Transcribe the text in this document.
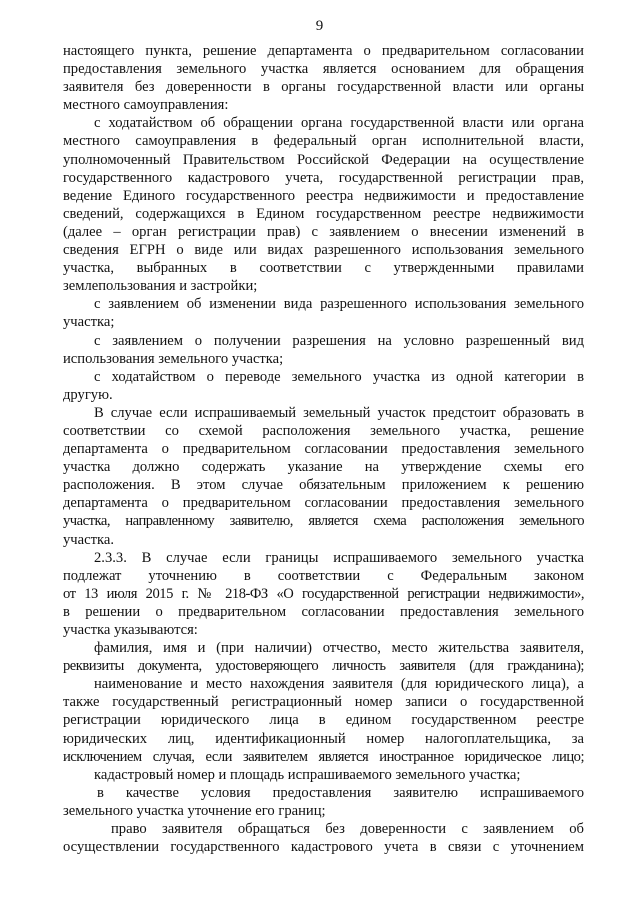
9
настоящего пункта, решение департамента о предварительном согласовании
предоставления земельного участка является основанием для обращения
заявителя без доверенности в органы государственной власти или органы
местного самоуправления:
с ходатайством об обращении органа государственной власти или органа
местного самоуправления в федеральный орган исполнительной власти,
уполномоченный Правительством Российской Федерации на осуществление
государственного кадастрового учета, государственной регистрации прав,
ведение Единого государственного реестра недвижимости и предоставление
сведений, содержащихся в Едином государственном реестре недвижимости
(далее – орган регистрации прав) с заявлением о внесении изменений в
сведения ЕГРН о виде или видах разрешенного использования земельного
участка, выбранных в соответствии с утвержденными правилами
землепользования и застройки;
с заявлением об изменении вида разрешенного использования земельного
участка;
с заявлением о получении разрешения на условно разрешенный вид
использования земельного участка;
с ходатайством о переводе земельного участка из одной категории в
другую.
В случае если испрашиваемый земельный участок предстоит образовать в
соответствии со схемой расположения земельного участка, решение
департамента о предварительном согласовании предоставления земельного
участка должно содержать указание на утверждение схемы его
расположения. В этом случае обязательным приложением к решению
департамента о предварительном согласовании предоставления земельного
участка, направленному заявителю, является схема расположения земельного
участка.
2.3.3. В случае если границы испрашиваемого земельного участка
подлежат уточнению в соответствии с Федеральным законом
от 13 июля 2015 г. № 218-ФЗ «О государственной регистрации недвижимости»,
в решении о предварительном согласовании предоставления земельного
участка указываются:
фамилия, имя и (при наличии) отчество, место жительства заявителя,
реквизиты документа, удостоверяющего личность заявителя (для гражданина);
наименование и место нахождения заявителя (для юридического лица), а
также государственный регистрационный номер записи о государственной
регистрации юридического лица в едином государственном реестре
юридических лиц, идентификационный номер налогоплательщика, за
исключением случая, если заявителем является иностранное юридическое лицо;
кадастровый номер и площадь испрашиваемого земельного участка;
в качестве условия предоставления заявителю испрашиваемого
земельного участка уточнение его границ;
право заявителя обращаться без доверенности с заявлением об
осуществлении государственного кадастрового учета в связи с уточнением
